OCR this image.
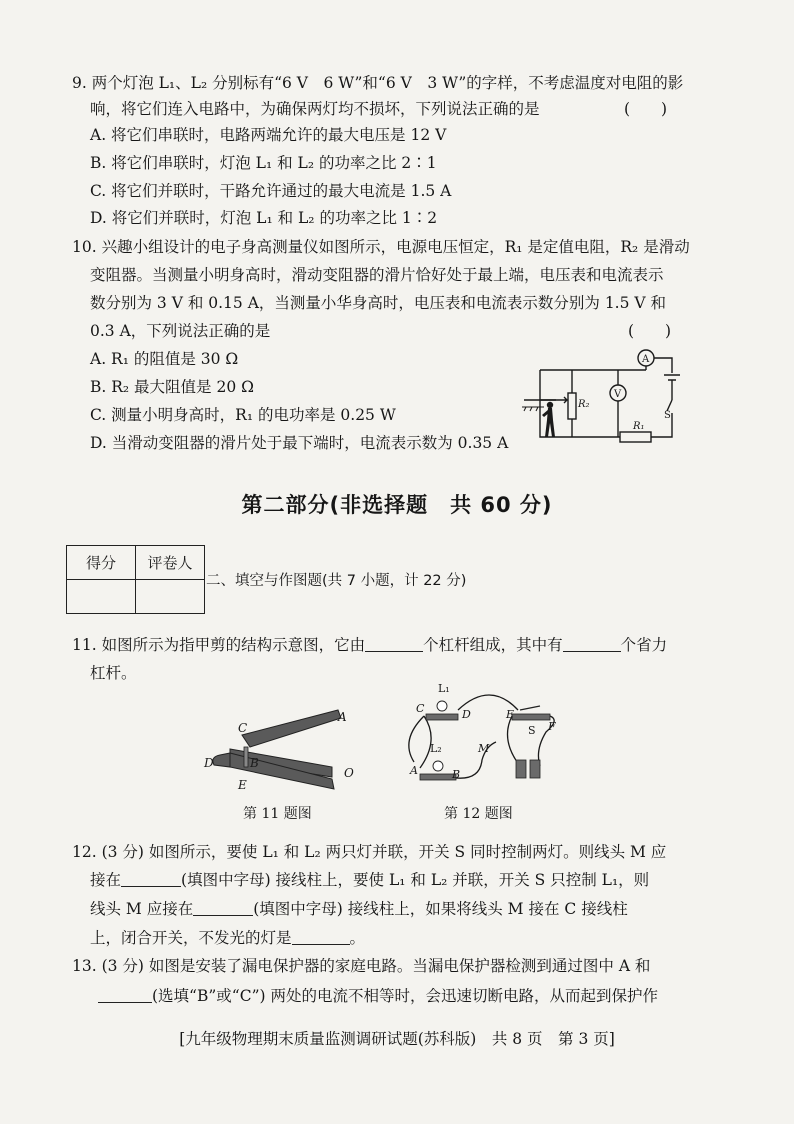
9. 两个灯泡 L₁、L₂ 分别标有“6 V　6 W”和“6 V　3 W”的字样，不考虑温度对电阻的影
响，将它们连入电路中，为确保两灯均不损坏，下列说法正确的是	(　　)
A. 将它们串联时，电路两端允许的最大电压是 12 V
B. 将它们串联时，灯泡 L₁ 和 L₂ 的功率之比 2∶1
C. 将它们并联时，干路允许通过的最大电流是 1.5 A
D. 将它们并联时，灯泡 L₁ 和 L₂ 的功率之比 1∶2
10. 兴趣小组设计的电子身高测量仪如图所示，电源电压恒定，R₁ 是定值电阻，R₂ 是滑动
变阻器。当测量小明身高时，滑动变阻器的滑片恰好处于最上端，电压表和电流表示
数分别为 3 V 和 0.15 A，当测量小华身高时，电压表和电流表示数分别为 1.5 V 和
0.3 A，下列说法正确的是	(　　)
A. R₁ 的阻值是 30 Ω
B. R₂ 最大阻值是 20 Ω
C. 测量小明身高时，R₁ 的电功率是 0.25 W
D. 当滑动变阻器的滑片处于最下端时，电流表示数为 0.35 A
A
V
R₂
R₁
S
第二部分(非选择题　共 60 分)
得分	评卷人

二、填空与作图题(共 7 小题，计 22 分)
11. 如图所示为指甲剪的结构示意图，它由	个杠杆组成，其中有	个省力
杠杆。
C
A
D	B
O
E
第 11 题图
L₁
C	D	E
F
S
L₂	M
A	B
第 12 题图
12. (3 分) 如图所示，要使 L₁ 和 L₂ 两只灯并联，开关 S 同时控制两灯。则线头 M 应
接在	(填图中字母) 接线柱上，要使 L₁ 和 L₂ 并联，开关 S 只控制 L₁，则
线头 M 应接在	(填图中字母) 接线柱上，如果将线头 M 接在 C 接线柱
上，闭合开关，不发光的灯是	。
13. (3 分) 如图是安装了漏电保护器的家庭电路。当漏电保护器检测到通过图中 A 和
(选填“B”或“C”) 两处的电流不相等时，会迅速切断电路，从而起到保护作
[九年级物理期末质量监测调研试题(苏科版)　共 8 页　第 3 页]
